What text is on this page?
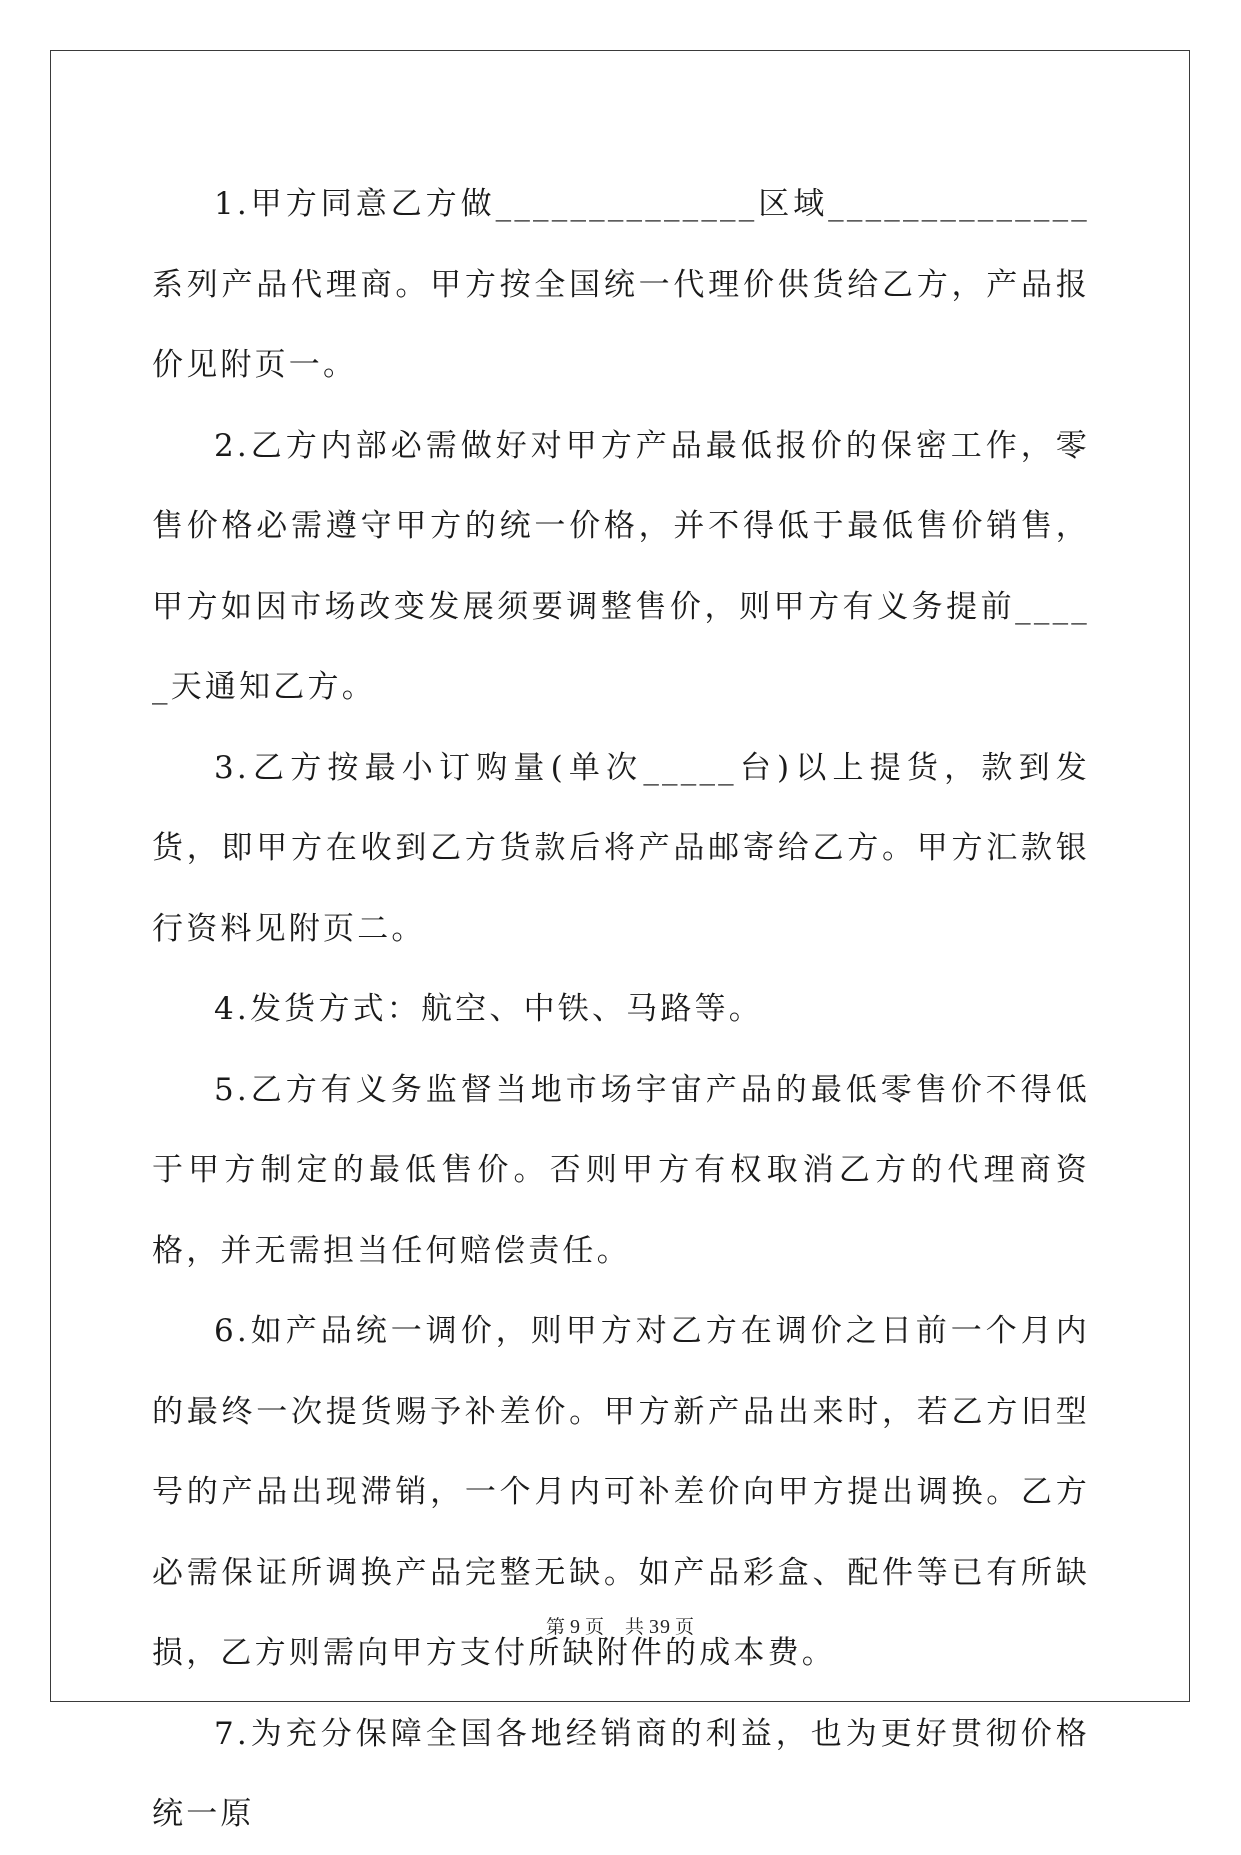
1.甲方同意乙方做______________区域______________ 系列产品代理商。甲方按全国统一代理价供货给乙方，产品报价见附页一。

2.乙方内部必需做好对甲方产品最低报价的保密工作，零售价格必需遵守甲方的统一价格，并不得低于最低售价销售，甲方如因市场改变发展须要调整售价，则甲方有义务提前_____天通知乙方。

3.乙方按最小订购量(单次_____台)以上提货，款到发货，即甲方在收到乙方货款后将产品邮寄给乙方。甲方汇款银行资料见附页二。

4.发货方式：航空、中铁、马路等。

5.乙方有义务监督当地市场宇宙产品的最低零售价不得低于甲方制定的最低售价。否则甲方有权取消乙方的代理商资格，并无需担当任何赔偿责任。

6.如产品统一调价，则甲方对乙方在调价之日前一个月内的最终一次提货赐予补差价。甲方新产品出来时，若乙方旧型号的产品出现滞销，一个月内可补差价向甲方提出调换。乙方必需保证所调换产品完整无缺。如产品彩盒、配件等已有所缺损，乙方则需向甲方支付所缺附件的成本费。

7.为充分保障全国各地经销商的利益，也为更好贯彻价格统一原

第 9 页 共 39 页
